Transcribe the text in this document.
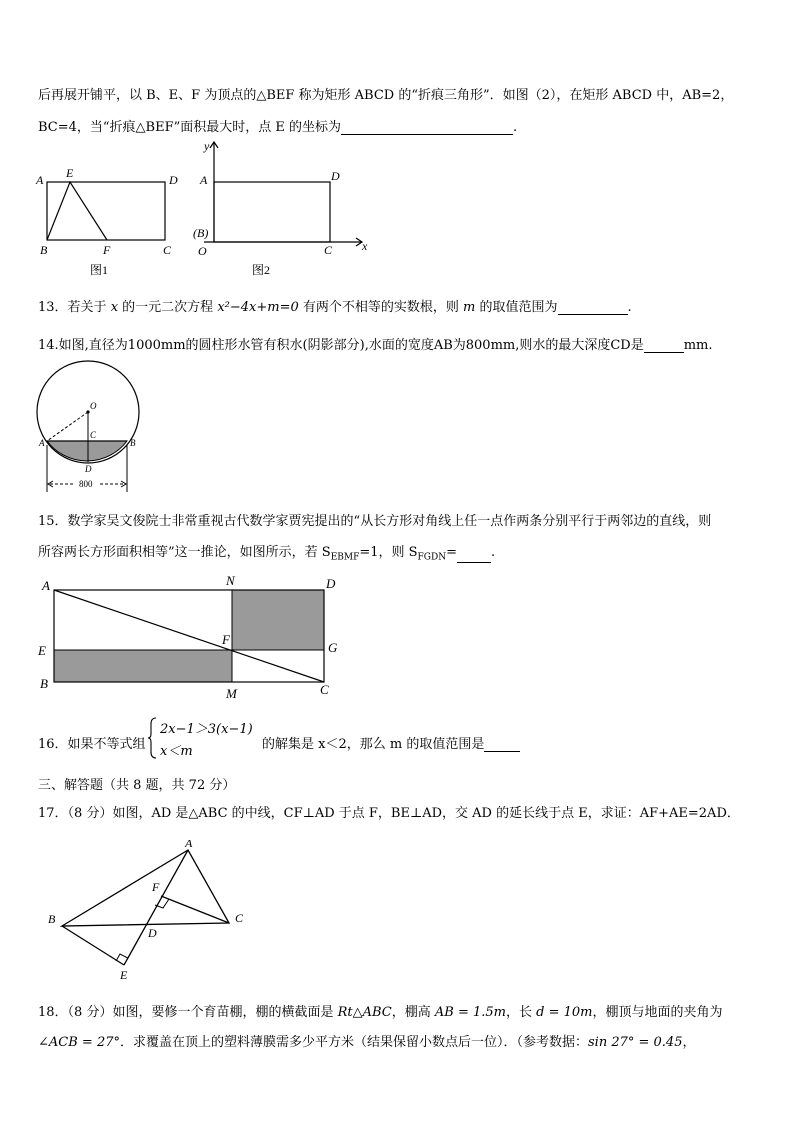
后再展开铺平，以 B、E、F 为顶点的△BEF 称为矩形 ABCD 的“折痕三角形”．如图（2），在矩形 ABCD 中，AB=2，
BC=4，当“折痕△BEF”面积最大时，点 E 的坐标为	.
A E	D
B	F	C
图1
y
A	D
(B)
O	C x
图2
13．若关于 x 的一元二次方程 x²−4x+m=0 有两个不相等的实数根，则 m 的取值范围为	.
14.如图,直径为1000mm的圆柱形水管有积水(阴影部分),水面的宽度AB为800mm,则水的最大深度CD是	mm.
O
C
A	B
D
800
15．数学家吴文俊院士非常重视古代数学家贾宪提出的“从长方形对角线上任一点作两条分别平行于两邻边的直线，则
所容两长方形面积相等”这一推论，如图所示，若 $S_{EBMF}=1$，则 $S_{FGDN}=$	.
A	N	D
E
F
G
B
M	C
16．如果不等式组
2x−1＞3(x−1)
x＜m	的解集是 x＜2，那么 m 的取值范围是
三、解答题（共 8 题，共 72 分）
17．（8 分）如图，AD 是△ABC 的中线，CF⊥AD 于点 F，BE⊥AD，交 AD 的延长线于点 E，求证：AF+AE=2AD．
A
F
B	C
D
E
18．（8 分）如图，要修一个育苗棚，棚的横截面是 Rt△ABC，棚高 AB = 1.5m，长 d = 10m，棚顶与地面的夹角为
∠ACB = 27°．求覆盖在顶上的塑料薄膜需多少平方米（结果保留小数点后一位）．（参考数据：sin 27° = 0.45，
